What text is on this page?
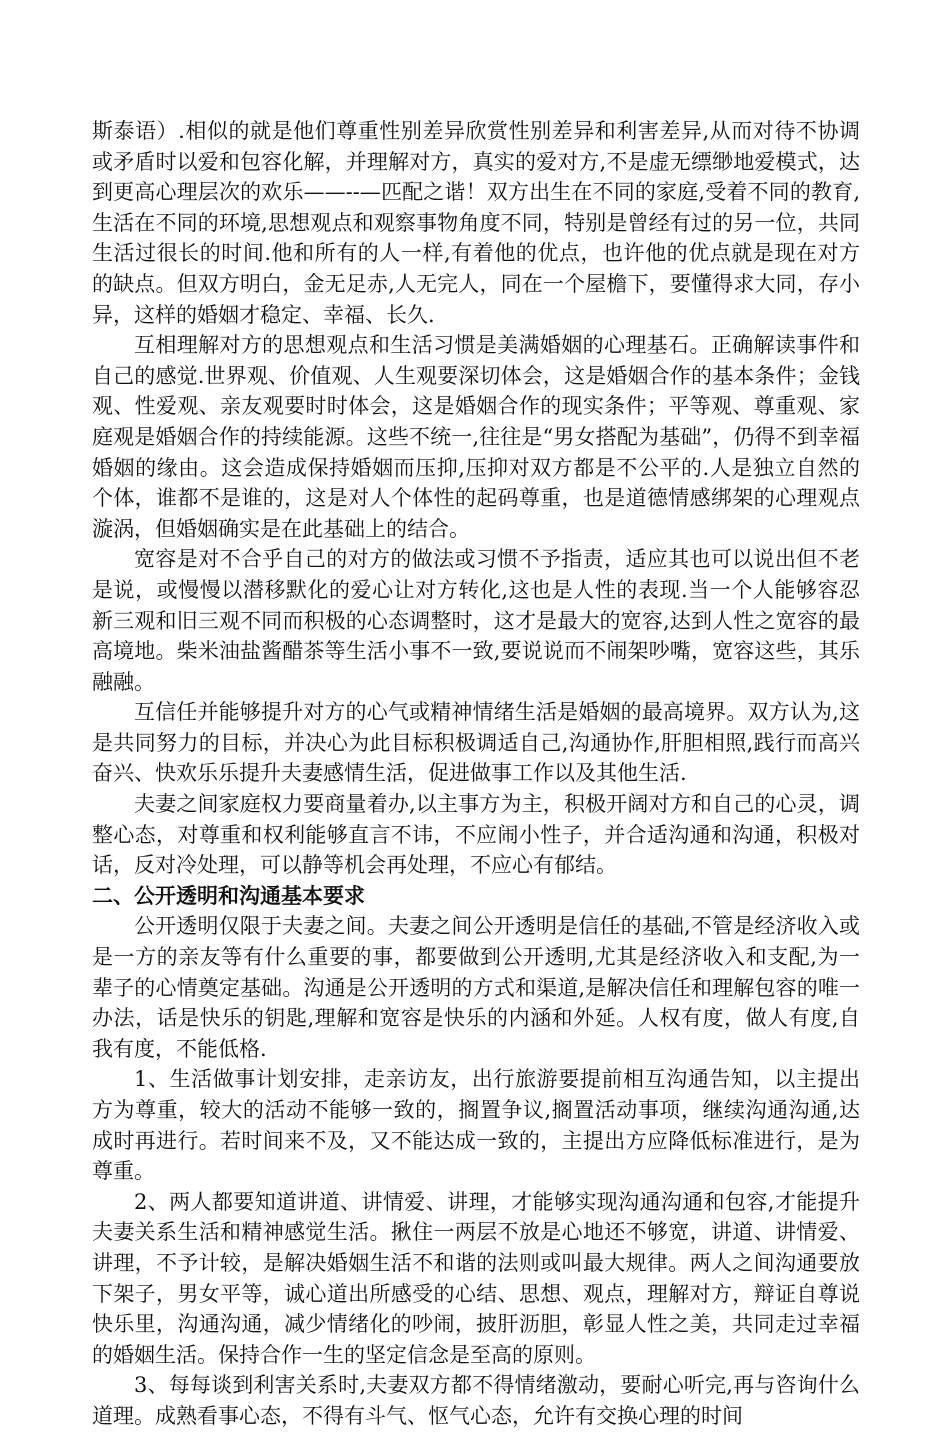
斯泰语）.相似的就是他们尊重性别差异欣赏性别差异和利害差异,从而对待不协调或矛盾时以爱和包容化解，并理解对方，真实的爱对方,不是虚无缥缈地爱模式，达到更高心理层次的欢乐——--—匹配之谐！双方出生在不同的家庭,受着不同的教育,生活在不同的环境,思想观点和观察事物角度不同，特别是曾经有过的另一位，共同生活过很长的时间.他和所有的人一样,有着他的优点，也许他的优点就是现在对方的缺点。但双方明白，金无足赤,人无完人，同在一个屋檐下，要懂得求大同，存小异，这样的婚姻才稳定、幸福、长久.

互相理解对方的思想观点和生活习惯是美满婚姻的心理基石。正确解读事件和自己的感觉.世界观、价值观、人生观要深切体会，这是婚姻合作的基本条件；金钱观、性爱观、亲友观要时时体会，这是婚姻合作的现实条件；平等观、尊重观、家庭观是婚姻合作的持续能源。这些不统一,往往是“男女搭配为基础”，仍得不到幸福婚姻的缘由。这会造成保持婚姻而压抑,压抑对双方都是不公平的.人是独立自然的个体，谁都不是谁的，这是对人个体性的起码尊重，也是道德情感绑架的心理观点漩涡，但婚姻确实是在此基础上的结合。

宽容是对不合乎自己的对方的做法或习惯不予指责，适应其也可以说出但不老是说，或慢慢以潜移默化的爱心让对方转化,这也是人性的表现.当一个人能够容忍新三观和旧三观不同而积极的心态调整时，这才是最大的宽容,达到人性之宽容的最高境地。柴米油盐酱醋茶等生活小事不一致,要说说而不闹架吵嘴，宽容这些，其乐融融。

互信任并能够提升对方的心气或精神情绪生活是婚姻的最高境界。双方认为,这是共同努力的目标，并决心为此目标积极调适自己,沟通协作,肝胆相照,践行而高兴奋兴、快欢乐乐提升夫妻感情生活，促进做事工作以及其他生活.

夫妻之间家庭权力要商量着办,以主事方为主，积极开阔对方和自己的心灵，调整心态，对尊重和权利能够直言不讳，不应闹小性子，并合适沟通和沟通，积极对话，反对冷处理，可以静等机会再处理，不应心有郁结。

二、公开透明和沟通基本要求

公开透明仅限于夫妻之间。夫妻之间公开透明是信任的基础,不管是经济收入或是一方的亲友等有什么重要的事，都要做到公开透明,尤其是经济收入和支配,为一辈子的心情奠定基础。沟通是公开透明的方式和渠道,是解决信任和理解包容的唯一办法，话是快乐的钥匙,理解和宽容是快乐的内涵和外延。人权有度，做人有度,自我有度，不能低格.

1、生活做事计划安排，走亲访友，出行旅游要提前相互沟通告知，以主提出方为尊重，较大的活动不能够一致的，搁置争议,搁置活动事项，继续沟通沟通,达成时再进行。若时间来不及，又不能达成一致的，主提出方应降低标准进行，是为尊重。

2、两人都要知道讲道、讲情爱、讲理，才能够实现沟通沟通和包容,才能提升夫妻关系生活和精神感觉生活。揪住一两层不放是心地还不够宽，讲道、讲情爱、讲理，不予计较，是解决婚姻生活不和谐的法则或叫最大规律。两人之间沟通要放下架子，男女平等，诚心道出所感受的心结、思想、观点，理解对方，辩证自尊说快乐里，沟通沟通，减少情绪化的吵闹，披肝沥胆，彰显人性之美，共同走过幸福的婚姻生活。保持合作一生的坚定信念是至高的原则。

3、每每谈到利害关系时,夫妻双方都不得情绪激动，要耐心听完,再与咨询什么道理。成熟看事心态，不得有斗气、怄气心态，允许有交换心理的时间
